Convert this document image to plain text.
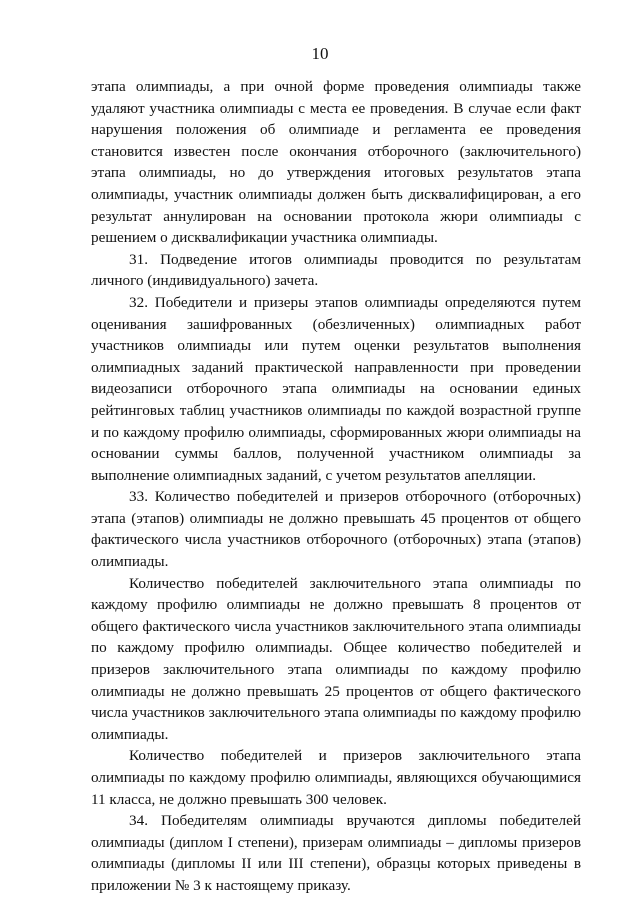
10

этапа олимпиады, а при очной форме проведения олимпиады также удаляют участника олимпиады с места ее проведения. В случае если факт нарушения положения об олимпиаде и регламента ее проведения становится известен после окончания отборочного (заключительного) этапа олимпиады, но до утверждения итоговых результатов этапа олимпиады, участник олимпиады должен быть дисквалифицирован, а его результат аннулирован на основании протокола жюри олимпиады с решением о дисквалификации участника олимпиады.

31. Подведение итогов олимпиады проводится по результатам личного (индивидуального) зачета.

32. Победители и призеры этапов олимпиады определяются путем оценивания зашифрованных (обезличенных) олимпиадных работ участников олимпиады или путем оценки результатов выполнения олимпиадных заданий практической направленности при проведении видеозаписи отборочного этапа олимпиады на основании единых рейтинговых таблиц участников олимпиады по каждой возрастной группе и по каждому профилю олимпиады, сформированных жюри олимпиады на основании суммы баллов, полученной участником олимпиады за выполнение олимпиадных заданий, с учетом результатов апелляции.

33. Количество победителей и призеров отборочного (отборочных) этапа (этапов) олимпиады не должно превышать 45 процентов от общего фактического числа участников отборочного (отборочных) этапа (этапов) олимпиады.

Количество победителей заключительного этапа олимпиады по каждому профилю олимпиады не должно превышать 8 процентов от общего фактического числа участников заключительного этапа олимпиады по каждому профилю олимпиады. Общее количество победителей и призеров заключительного этапа олимпиады по каждому профилю олимпиады не должно превышать 25 процентов от общего фактического числа участников заключительного этапа олимпиады по каждому профилю олимпиады.

Количество победителей и призеров заключительного этапа олимпиады по каждому профилю олимпиады, являющихся обучающимися 11 класса, не должно превышать 300 человек.

34. Победителям олимпиады вручаются дипломы победителей олимпиады (диплом I степени), призерам олимпиады – дипломы призеров олимпиады (дипломы II или III степени), образцы которых приведены в приложении № 3 к настоящему приказу.
